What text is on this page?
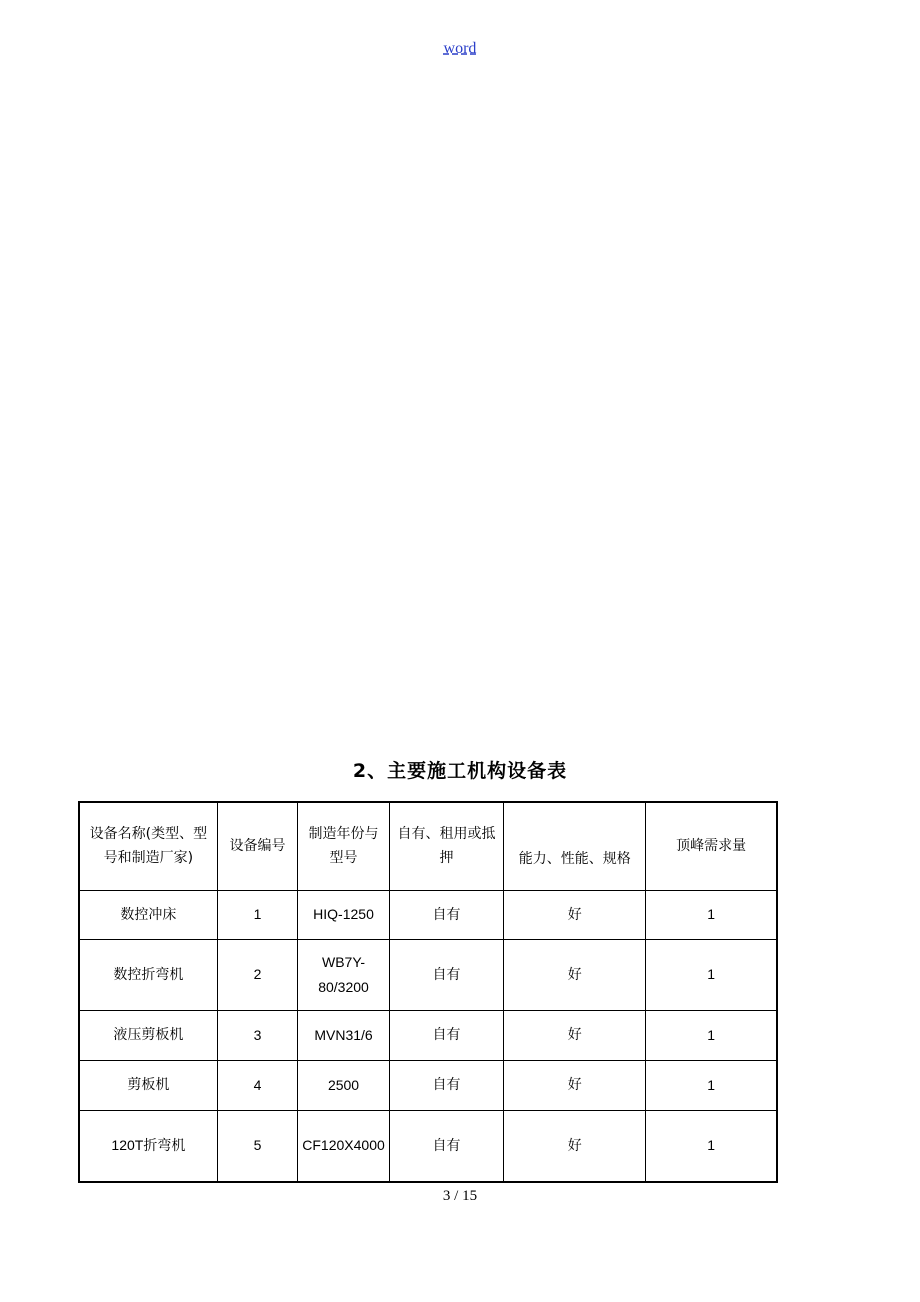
word
2、主要施工机构设备表
设备名称(类型、型号和制造厂家)	设备编号	制造年份与型号	自有、租用或抵押	能力、性能、规格	顶峰需求量
数控冲床	1	HIQ-1250	自有	好	1
数控折弯机	2	WB7Y-80/3200	自有	好	1
液压剪板机	3	MVN31/6	自有	好	1
剪板机	4	2500	自有	好	1
120T折弯机	5	CF120X4000	自有	好	1
3 / 15
